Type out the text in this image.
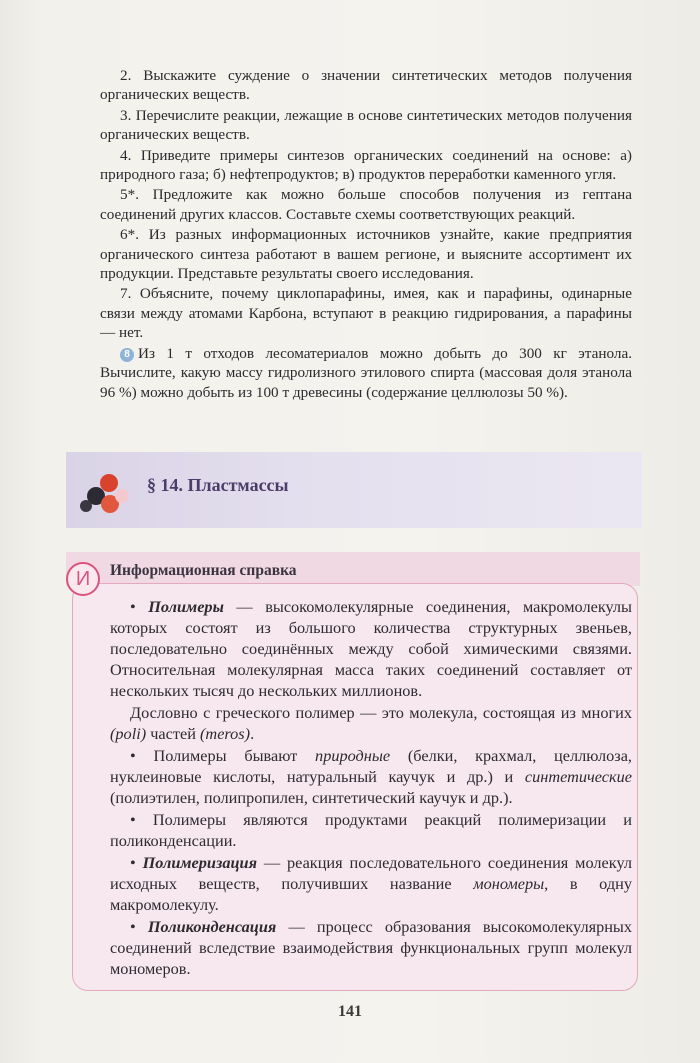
2. Выскажите суждение о значении синтетических методов получения органических веществ.

3. Перечислите реакции, лежащие в основе синтетических методов получения органических веществ.

4. Приведите примеры синтезов органических соединений на основе: а) природного газа; б) нефтепродуктов; в) продуктов переработки каменного угля.

5*. Предложите как можно больше способов получения из гептана соединений других классов. Составьте схемы соответствующих реакций.

6*. Из разных информационных источников узнайте, какие предприятия органического синтеза работают в вашем регионе, и выясните ассортимент их продукции. Представьте результаты своего исследования.

7. Объясните, почему циклопарафины, имея, как и парафины, одинарные связи между атомами Карбона, вступают в реакцию гидрирования, а парафины — нет.

8 Из 1 т отходов лесоматериалов можно добыть до 300 кг этанола. Вычислите, какую массу гидролизного этилового спирта (массовая доля этанола 96 %) можно добыть из 100 т древесины (содержание целлюлозы 50 %).

§ 14. Пластмассы
И	Информационная справка

• Полимеры — высокомолекулярные соединения, макромолекулы которых состоят из большого количества структурных звеньев, последовательно соединённых между собой химическими связями. Относительная молекулярная масса таких соединений составляет от нескольких тысяч до нескольких миллионов.

Дословно с греческого полимер — это молекула, состоящая из многих (poli) частей (meros).

• Полимеры бывают природные (белки, крахмал, целлюлоза, нуклеиновые кислоты, натуральный каучук и др.) и синтетические (полиэтилен, полипропилен, синтетический каучук и др.).

• Полимеры являются продуктами реакций полимеризации и поликонденсации.

• Полимеризация — реакция последовательного соединения молекул исходных веществ, получивших название мономеры, в одну макромолекулу.

• Поликонденсация — процесс образования высокомолекулярных соединений вследствие взаимодействия функциональных групп молекул мономеров.

141
